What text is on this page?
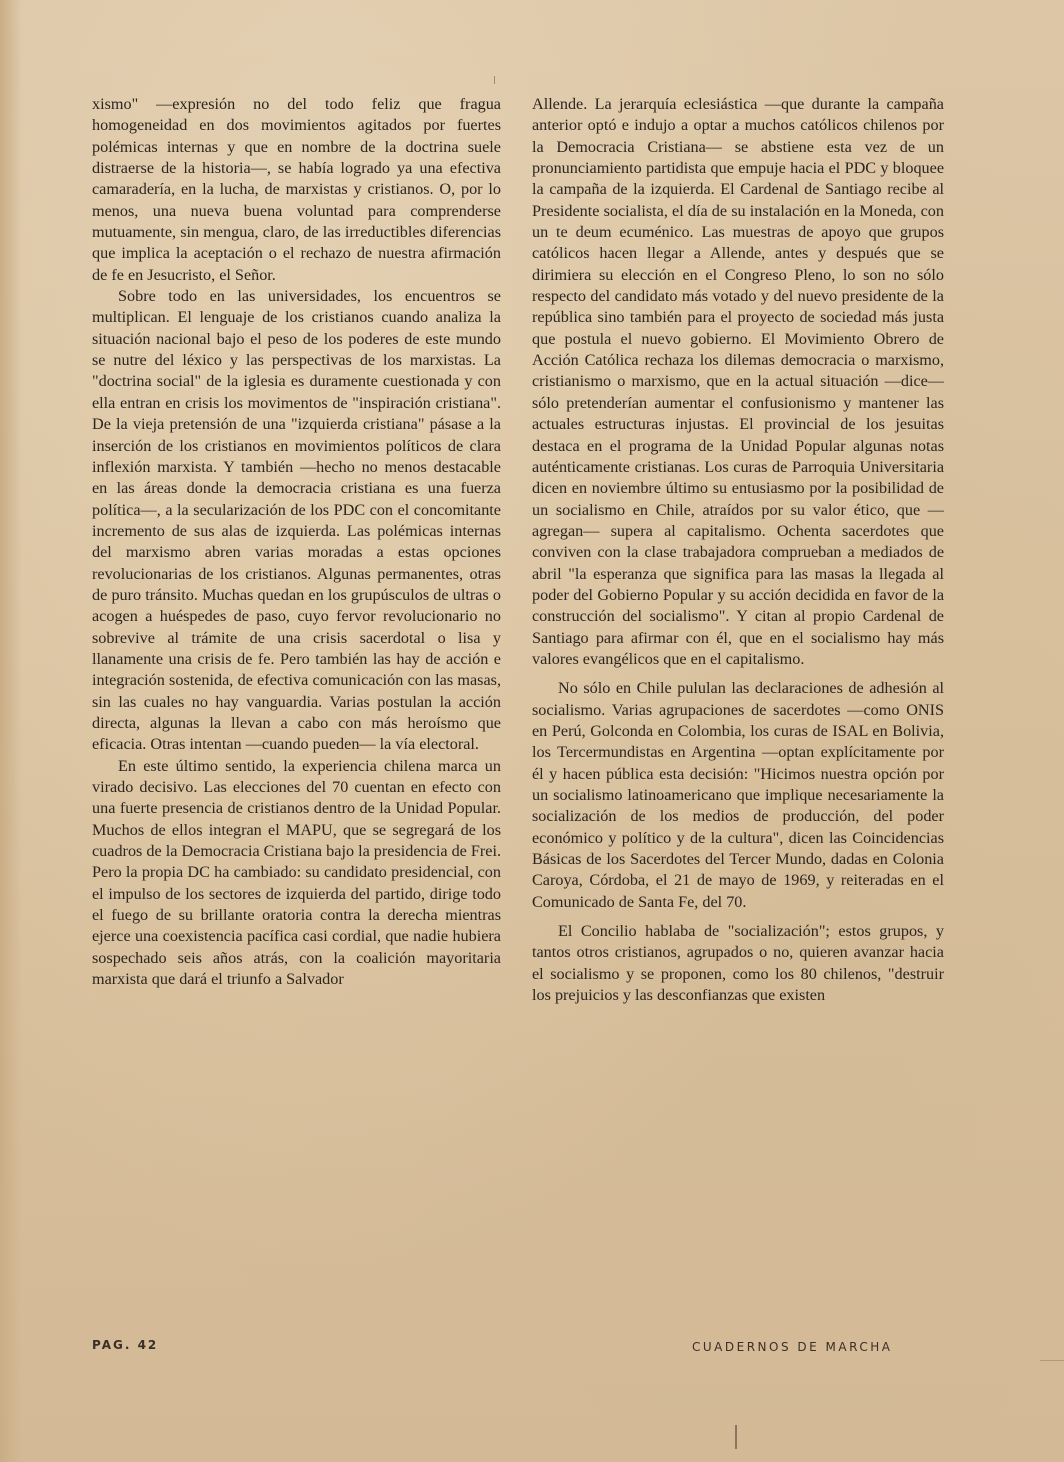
xismo" —expresión no del todo feliz que fragua homogeneidad en dos movimientos agitados por fuertes polémicas internas y que en nombre de la doctrina suele distraerse de la historia—, se había logrado ya una efectiva camaradería, en la lucha, de marxistas y cristianos. O, por lo menos, una nueva buena voluntad para comprenderse mutuamente, sin mengua, claro, de las irreductibles diferencias que implica la aceptación o el rechazo de nuestra afirmación de fe en Jesucristo, el Señor.

Sobre todo en las universidades, los encuentros se multiplican. El lenguaje de los cristianos cuando analiza la situación nacional bajo el peso de los poderes de este mundo se nutre del léxico y las perspectivas de los marxistas. La "doctrina social" de la iglesia es duramente cuestionada y con ella entran en crisis los movimentos de "inspiración cristiana". De la vieja pretensión de una "izquierda cristiana" pásase a la inserción de los cristianos en movimientos políticos de clara inflexión marxista. Y también —hecho no menos destacable en las áreas donde la democracia cristiana es una fuerza política—, a la secularización de los PDC con el concomitante incremento de sus alas de izquierda. Las polémicas internas del marxismo abren varias moradas a estas opciones revolucionarias de los cristianos. Algunas permanentes, otras de puro tránsito. Muchas quedan en los grupúsculos de ultras o acogen a huéspedes de paso, cuyo fervor revolucionario no sobrevive al trámite de una crisis sacerdotal o lisa y llanamente una crisis de fe. Pero también las hay de acción e integración sostenida, de efectiva comunicación con las masas, sin las cuales no hay vanguardia. Varias postulan la acción directa, algunas la llevan a cabo con más heroísmo que eficacia. Otras intentan —cuando pueden— la vía electoral.

En este último sentido, la experiencia chilena marca un virado decisivo. Las elecciones del 70 cuentan en efecto con una fuerte presencia de cristianos dentro de la Unidad Popular. Muchos de ellos integran el MAPU, que se segregará de los cuadros de la Democracia Cristiana bajo la presidencia de Frei. Pero la propia DC ha cambiado: su candidato presidencial, con el impulso de los sectores de izquierda del partido, dirige todo el fuego de su brillante oratoria contra la derecha mientras ejerce una coexistencia pacífica casi cordial, que nadie hubiera sospechado seis años atrás, con la coalición mayoritaria marxista que dará el triunfo a Salvador

Allende. La jerarquía eclesiástica —que durante la campaña anterior optó e indujo a optar a muchos católicos chilenos por la Democracia Cristiana— se abstiene esta vez de un pronunciamiento partidista que empuje hacia el PDC y bloquee la campaña de la izquierda. El Cardenal de Santiago recibe al Presidente socialista, el día de su instalación en la Moneda, con un te deum ecuménico. Las muestras de apoyo que grupos católicos hacen llegar a Allende, antes y después que se dirimiera su elección en el Congreso Pleno, lo son no sólo respecto del candidato más votado y del nuevo presidente de la república sino también para el proyecto de sociedad más justa que postula el nuevo gobierno. El Movimiento Obrero de Acción Católica rechaza los dilemas democracia o marxismo, cristianismo o marxismo, que en la actual situación —dice— sólo pretenderían aumentar el confusionismo y mantener las actuales estructuras injustas. El provincial de los jesuitas destaca en el programa de la Unidad Popular algunas notas auténticamente cristianas. Los curas de Parroquia Universitaria dicen en noviembre último su entusiasmo por la posibilidad de un socialismo en Chile, atraídos por su valor ético, que —agregan— supera al capitalismo. Ochenta sacerdotes que conviven con la clase trabajadora comprueban a mediados de abril "la esperanza que significa para las masas la llegada al poder del Gobierno Popular y su acción decidida en favor de la construcción del socialismo". Y citan al propio Cardenal de Santiago para afirmar con él, que en el socialismo hay más valores evangélicos que en el capitalismo.

No sólo en Chile pululan las declaraciones de adhesión al socialismo. Varias agrupaciones de sacerdotes —como ONIS en Perú, Golconda en Colombia, los curas de ISAL en Bolivia, los Tercermundistas en Argentina —optan explícitamente por él y hacen pública esta decisión: "Hicimos nuestra opción por un socialismo latinoamericano que implique necesariamente la socialización de los medios de producción, del poder económico y político y de la cultura", dicen las Coincidencias Básicas de los Sacerdotes del Tercer Mundo, dadas en Colonia Caroya, Córdoba, el 21 de mayo de 1969, y reiteradas en el Comunicado de Santa Fe, del 70.

El Concilio hablaba de "socialización"; estos grupos, y tantos otros cristianos, agrupados o no, quieren avanzar hacia el socialismo y se proponen, como los 80 chilenos, "destruir los prejuicios y las desconfianzas que existen

PAG. 42	CUADERNOS DE MARCHA
